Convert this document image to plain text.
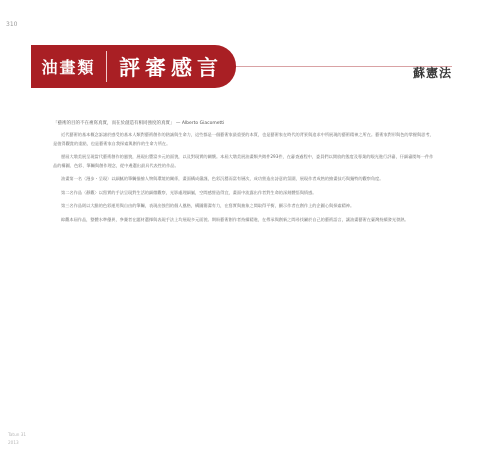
310
油畫類	評審感言	蘇憲法
「藝術的目的不在複寫真實，而在於創造有相同強度的真實」 — Alberto Giacometti

近代藝術的基本概念訴諸於感受的基本人類對藝術創作的熱誠與生命力，這些都是一個藝術家最重要的本質，也是藝術家在時代的背景與追求中所展現的藝術精神之所在。藝術家對形與色的掌握與思考，是值得觀賞的重點，也是藝術家自我探索與創作的生命力所在。

歷屆大墩美展呈現當代藝術創作的風貌，展現出豐富多元的面貌，以及對現實的關懷。本屆大墩美展油畫類共徵件293件，在審查過程中，委員們以開放的態度及專業的眼光進行評審，仔細審閱每一件作品的構圖、色彩、筆觸與創作理念，從中遴選出最具代表性的作品。

油畫第一名〈漫步・呈現〉以細膩的筆觸描繪人物與環境的關係，畫面構成嚴謹，色彩沉穩而富有層次，成功營造出詩意的氛圍，展現作者成熟的繪畫技巧與獨特的觀察角度。

第二名作品〈靜觀〉以寫實的手法呈現對生活的細微觀察，光影處理細膩，空間感營造得宜，畫面中流露出作者對生命的深刻體悟與情感。

第三名作品則以大膽的色彩運用與自由的筆觸，表現出強烈的個人風格，構圖簡潔有力，在寫實與抽象之間取得平衡，顯示作者在創作上的企圖心與探索精神。

綜觀本屆作品，整體水準優異，參賽者在題材選擇與表現手法上均展現多元面貌。期盼藝術創作者持續精進，在傳承與創新之間尋找屬於自己的藝術語言，讓油畫藝術在臺灣持續發光發熱。

Tatun 31
2013
